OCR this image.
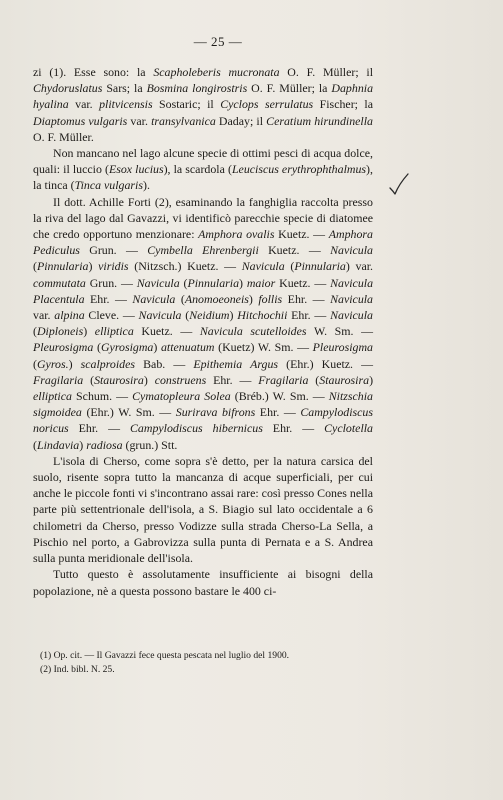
— 25 —

zi (1). Esse sono: la Scapholeberis mucronata O. F. Müller; il Chydoruslatus Sars; la Bosmina longirostris O. F. Müller; la Daphnia hyalina var. plitvicensis Sostaric; il Cyclops serrulatus Fischer; la Diaptomus vulgaris var. transylvanica Daday; il Ceratium hirundinella O. F. Müller.

Non mancano nel lago alcune specie di ottimi pesci di acqua dolce, quali: il luccio (Esox lucius), la scardola (Leuciscus erythrophthalmus), la tinca (Tinca vulgaris).

Il dott. Achille Forti (2), esaminando la fanghiglia raccolta presso la riva del lago dal Gavazzi, vi identificò parecchie specie di diatomee che credo opportuno menzionare: Amphora ovalis Kuetz. — Amphora Pediculus Grun. — Cymbella Ehrenbergii Kuetz. — Navicula (Pinnularia) viridis (Nitzsch.) Kuetz. — Navicula (Pinnularia) var. commutata Grun. — Navicula (Pinnularia) maior Kuetz. — Navicula Placentula Ehr. — Navicula (Anomoeoneis) follis Ehr. — Navicula var. alpina Cleve. — Navicula (Neidium) Hitchochii Ehr. — Navicula (Diploneis) elliptica Kuetz. — Navicula scutelloides W. Sm. — Pleurosigma (Gyrosigma) attenuatum (Kuetz) W. Sm. — Pleurosigma (Gyros.) scalproides Bab. — Epithemia Argus (Ehr.) Kuetz. — Fragilaria (Staurosira) construens Ehr. — Fragilaria (Staurosira) elliptica Schum. — Cymatopleura Solea (Bréb.) W. Sm. — Nitzschia sigmoidea (Ehr.) W. Sm. — Surirava bifrons Ehr. — Campylodiscus noricus Ehr. — Campylodiscus hibernicus Ehr. — Cyclotella (Lindavia) radiosa (grun.) Stt.

L'isola di Cherso, come sopra s'è detto, per la natura carsica del suolo, risente sopra tutto la mancanza di acque superficiali, per cui anche le piccole fonti vi s'incontrano assai rare: così presso Cones nella parte più settentrionale dell'isola, a S. Biagio sul lato occidentale a 6 chilometri da Cherso, presso Vodizze sulla strada Cherso-La Sella, a Pischio nel porto, a Gabrovizza sulla punta di Pernata e a S. Andrea sulla punta meridionale dell'isola.

Tutto questo è assolutamente insufficiente ai bisogni della popolazione, nè a questa possono bastare le 400 ci-

(1) Op. cit. — Il Gavazzi fece questa pescata nel luglio del 1900.

(2) Ind. bibl. N. 25.
